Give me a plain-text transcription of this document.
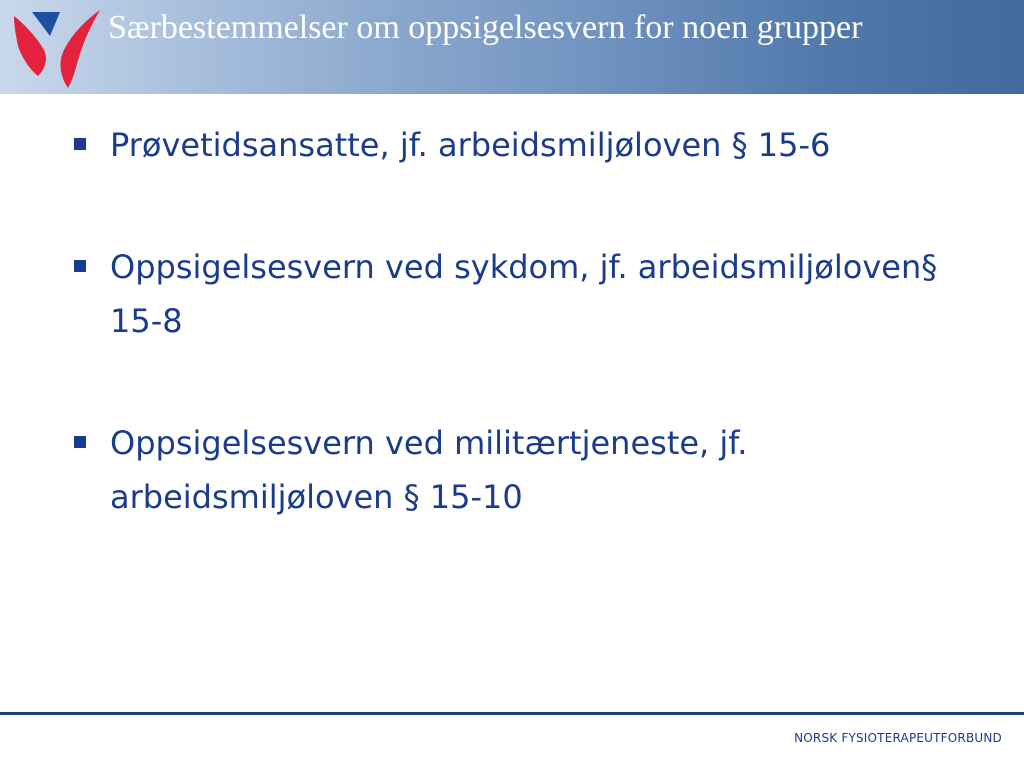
Særbestemmelser om oppsigelsesvern for noen grupper
Prøvetidsansatte, jf. arbeidsmiljøloven § 15-6
Oppsigelsesvern ved sykdom, jf. arbeidsmiljøloven§ 15-8
Oppsigelsesvern ved militærtjeneste, jf. arbeidsmiljøloven § 15-10
NORSK FYSIOTERAPEUTFORBUND
